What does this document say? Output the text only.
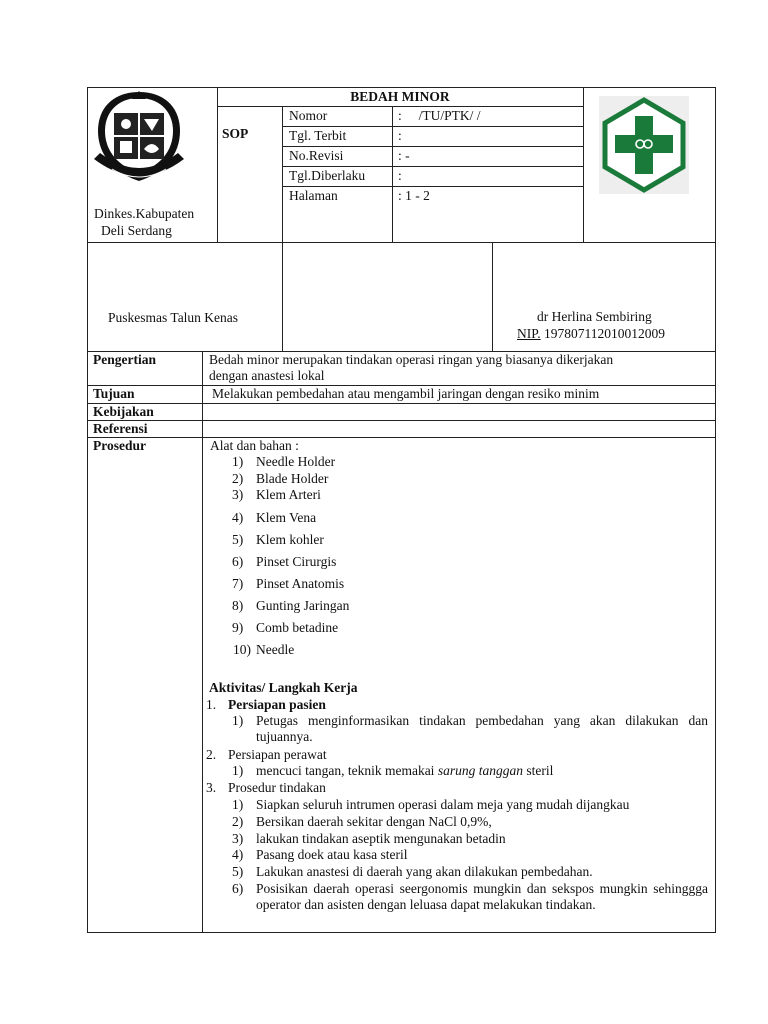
Dinkes.Kabupaten
Deli Serdang
BEDAH MINOR
SOP
Nomor	:     /TU/PTK/ /
Tgl. Terbit	:
No.Revisi	: -
Tgl.Diberlaku :
Halaman	: 1 - 2
Puskesmas Talun Kenas	dr Herlina Sembiring
NIP. 197807112010012009
Pengertian	Bedah minor merupakan tindakan operasi ringan yang biasanya dikerjakan
dengan anastesi lokal
Tujuan	Melakukan pembedahan atau mengambil jaringan dengan resiko minim
Kebijakan
Referensi
Prosedur	Alat dan bahan :
1) Needle Holder
2) Blade Holder
3) Klem Arteri
4) Klem Vena
5) Klem kohler
6) Pinset Cirurgis
7) Pinset Anatomis
8) Gunting Jaringan
9) Comb betadine
10) Needle
Aktivitas/ Langkah Kerja
1. Persiapan pasien
1) Petugas menginformasikan tindakan pembedahan yang akan dilakukan dan tujuannya.
2. Persiapan perawat
1) mencuci tangan, teknik memakai sarung tanggan steril
3. Prosedur tindakan
1) Siapkan seluruh intrumen operasi dalam meja yang mudah dijangkau
2) Bersikan daerah sekitar dengan NaCl 0,9%,
3) lakukan tindakan aseptik mengunakan betadin
4) Pasang doek atau kasa steril
5) Lakukan anastesi di daerah yang akan dilakukan pembedahan.
6) Posisikan daerah operasi seergonomis mungkin dan sekspos mungkin sehinggga operator dan asisten dengan leluasa dapat melakukan tindakan.
